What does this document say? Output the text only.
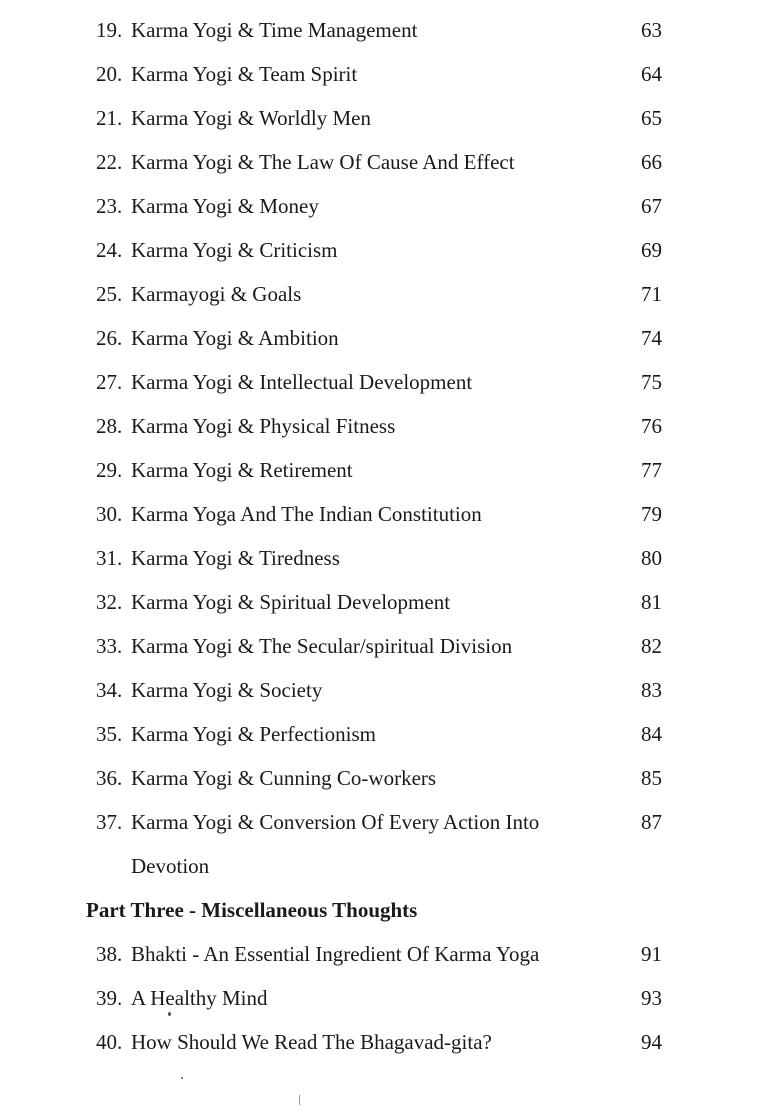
19. Karma Yogi & Time Management	63
20. Karma Yogi & Team Spirit	64
21. Karma Yogi & Worldly Men	65
22. Karma Yogi & The Law Of Cause And Effect	66
23. Karma Yogi & Money	67
24. Karma Yogi & Criticism	69
25. Karmayogi & Goals	71
26. Karma Yogi & Ambition	74
27. Karma Yogi & Intellectual Development	75
28. Karma Yogi & Physical Fitness	76
29. Karma Yogi & Retirement	77
30. Karma Yoga And The Indian Constitution	79
31. Karma Yogi & Tiredness	80
32. Karma Yogi & Spiritual Development	81
33. Karma Yogi & The Secular/spiritual Division	82
34. Karma Yogi & Society	83
35. Karma Yogi & Perfectionism	84
36. Karma Yogi & Cunning Co-workers	85
37. Karma Yogi & Conversion Of Every Action Into	87
Devotion
Part Three - Miscellaneous Thoughts
38. Bhakti - An Essential Ingredient Of Karma Yoga	91
39. A Healthy Mind	93
40. How Should We Read The Bhagavad-gita?	94
